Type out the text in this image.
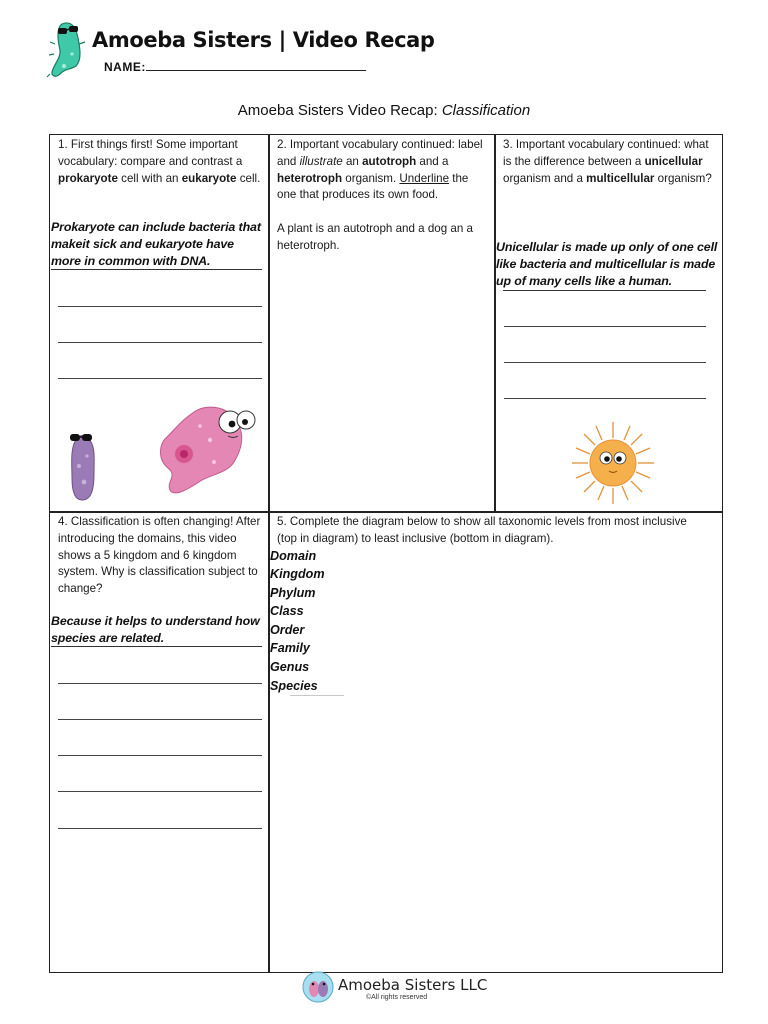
Amoeba Sisters | Video Recap
NAME:
Amoeba Sisters Video Recap: Classification
1. First things first! Some important vocabulary: compare and contrast a prokaryote cell with an eukaryote cell.
Prokaryote can include bacteria that makeit sick and eukaryote have more in common with DNA.
2. Important vocabulary continued: label and illustrate an autotroph and a heterotroph organism. Underline the one that produces its own food.
A plant is an autotroph and a dog an a heterotroph.
3. Important vocabulary continued: what is the difference between a unicellular organism and a multicellular organism?
Unicellular is made up only of one cell like bacteria and multicellular is made up of many cells like a human.
4. Classification is often changing! After introducing the domains, this video shows a 5 kingdom and 6 kingdom system. Why is classification subject to change?
Because it helps to understand how species are related.
5. Complete the diagram below to show all taxonomic levels from most inclusive (top in diagram) to least inclusive (bottom in diagram).
Domain
Kingdom
Phylum
Class
Order
Family
Genus
Species
Amoeba Sisters LLC
©All rights reserved
